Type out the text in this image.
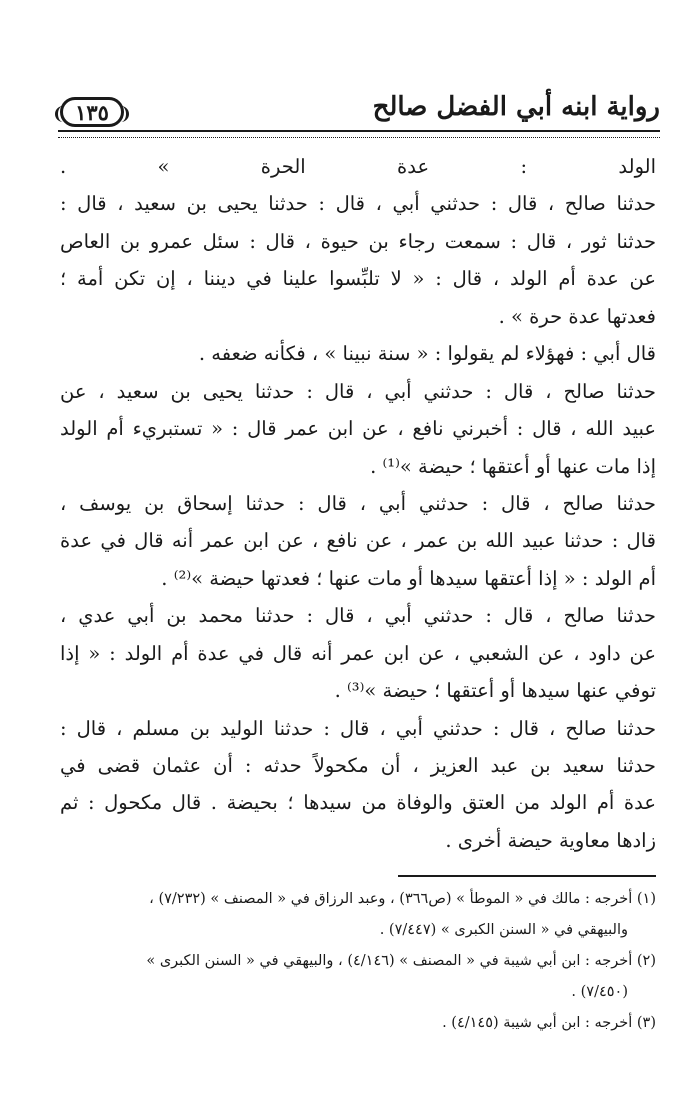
رواية ابنه أبي الفضل صالح
١٣٥
الولد : عدة الحرة » .
حدثنا صالح ، قال : حدثني أبي ، قال : حدثنا يحيى بن سعيد ، قال :
حدثنا ثور ، قال : سمعت رجاء بن حيوة ، قال : سئل عمرو بن العاص
عن عدة أم الولد ، قال : « لا تلبِّسوا علينا في ديننا ، إن تكن أمة ؛
فعدتها عدة حرة » .
قال أبي : فهؤلاء لم يقولوا : « سنة نبينا » ، فكأنه ضعفه .
حدثنا صالح ، قال : حدثني أبي ، قال : حدثنا يحيى بن سعيد ، عن
عبيد الله ، قال : أخبرني نافع ، عن ابن عمر قال : « تستبريء أم الولد
إذا مات عنها أو أعتقها ؛ حيضة »⁽¹⁾ .
حدثنا صالح ، قال : حدثني أبي ، قال : حدثنا إسحاق بن يوسف ،
قال : حدثنا عبيد الله بن عمر ، عن نافع ، عن ابن عمر أنه قال في عدة
أم الولد : « إذا أعتقها سيدها أو مات عنها ؛ فعدتها حيضة »⁽²⁾ .
حدثنا صالح ، قال : حدثني أبي ، قال : حدثنا محمد بن أبي عدي ،
عن داود ، عن الشعبي ، عن ابن عمر أنه قال في عدة أم الولد : « إذا
توفي عنها سيدها أو أعتقها ؛ حيضة »⁽³⁾ .
حدثنا صالح ، قال : حدثني أبي ، قال : حدثنا الوليد بن مسلم ، قال :
حدثنا سعيد بن عبد العزيز ، أن مكحولاً حدثه : أن عثمان قضى في
عدة أم الولد من العتق والوفاة من سيدها ؛ بحيضة . قال مكحول : ثم
زادها معاوية حيضة أخرى .
(١) أخرجه : مالك في « الموطأ » (ص٣٦٦) ، وعبد الرزاق في « المصنف » (٧/٢٣٢) ،
والبيهقي في « السنن الكبرى » (٧/٤٤٧) .
(٢) أخرجه : ابن أبي شيبة في « المصنف » (٤/١٤٦) ، والبيهقي في « السنن الكبرى »
(٧/٤٥٠) .
(٣) أخرجه : ابن أبي شيبة (٤/١٤٥) .
